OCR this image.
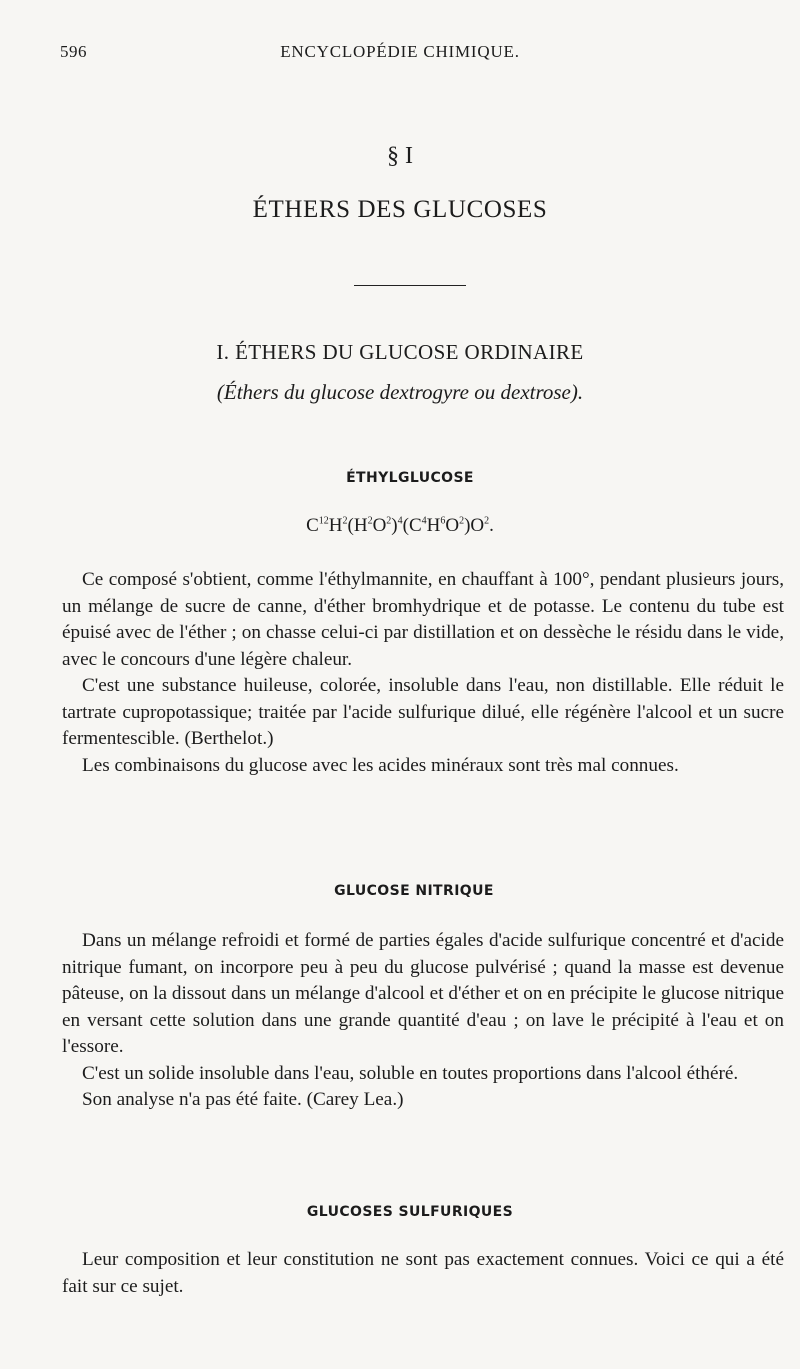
596	ENCYCLOPÉDIE CHIMIQUE.
§ I
ÉTHERS DES GLUCOSES
I. ÉTHERS DU GLUCOSE ORDINAIRE
(Éthers du glucose dextrogyre ou dextrose).
ÉTHYLGLUCOSE
$C^{12}H^2(H^2O^2)^4(C^4H^6O^2)O^2$.

Ce composé s'obtient, comme l'éthylmannite, en chauffant à 100°, pendant plusieurs jours, un mélange de sucre de canne, d'éther bromhydrique et de potasse. Le contenu du tube est épuisé avec de l'éther ; on chasse celui-ci par distillation et on dessèche le résidu dans le vide, avec le concours d'une légère chaleur.

C'est une substance huileuse, colorée, insoluble dans l'eau, non distillable. Elle réduit le tartrate cupropotassique; traitée par l'acide sulfurique dilué, elle régénère l'alcool et un sucre fermentescible. (Berthelot.)

Les combinaisons du glucose avec les acides minéraux sont très mal connues.

GLUCOSE NITRIQUE

Dans un mélange refroidi et formé de parties égales d'acide sulfurique concentré et d'acide nitrique fumant, on incorpore peu à peu du glucose pulvérisé ; quand la masse est devenue pâteuse, on la dissout dans un mélange d'alcool et d'éther et on en précipite le glucose nitrique en versant cette solution dans une grande quantité d'eau ; on lave le précipité à l'eau et on l'essore.

C'est un solide insoluble dans l'eau, soluble en toutes proportions dans l'alcool éthéré.

Son analyse n'a pas été faite. (Carey Lea.)

GLUCOSES SULFURIQUES

Leur composition et leur constitution ne sont pas exactement connues. Voici ce qui a été fait sur ce sujet.
